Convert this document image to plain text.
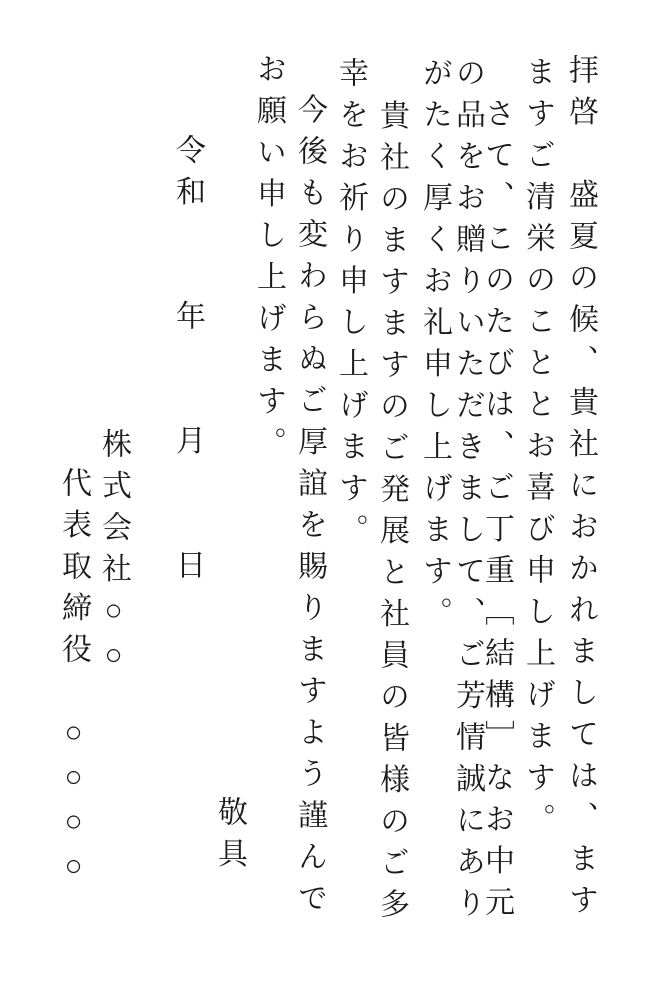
拝啓　盛夏の候、貴社におかれましては、ます
ますご清栄のこととお喜び申し上げます。
　さて、このたびは、ご丁重［結構］なお中元
の品をお贈りいただきまして、ご芳情誠にあり
がたく厚くお礼申し上げます。
　貴社のますますのご発展と社員の皆様のご多
幸をお祈り申し上げます。
　今後も変わらぬご厚誼を賜りますよう謹んで
お願い申し上げます。
敬具
令和　　年　　月　　日
株式会社○○
代表取締役　○○○○
